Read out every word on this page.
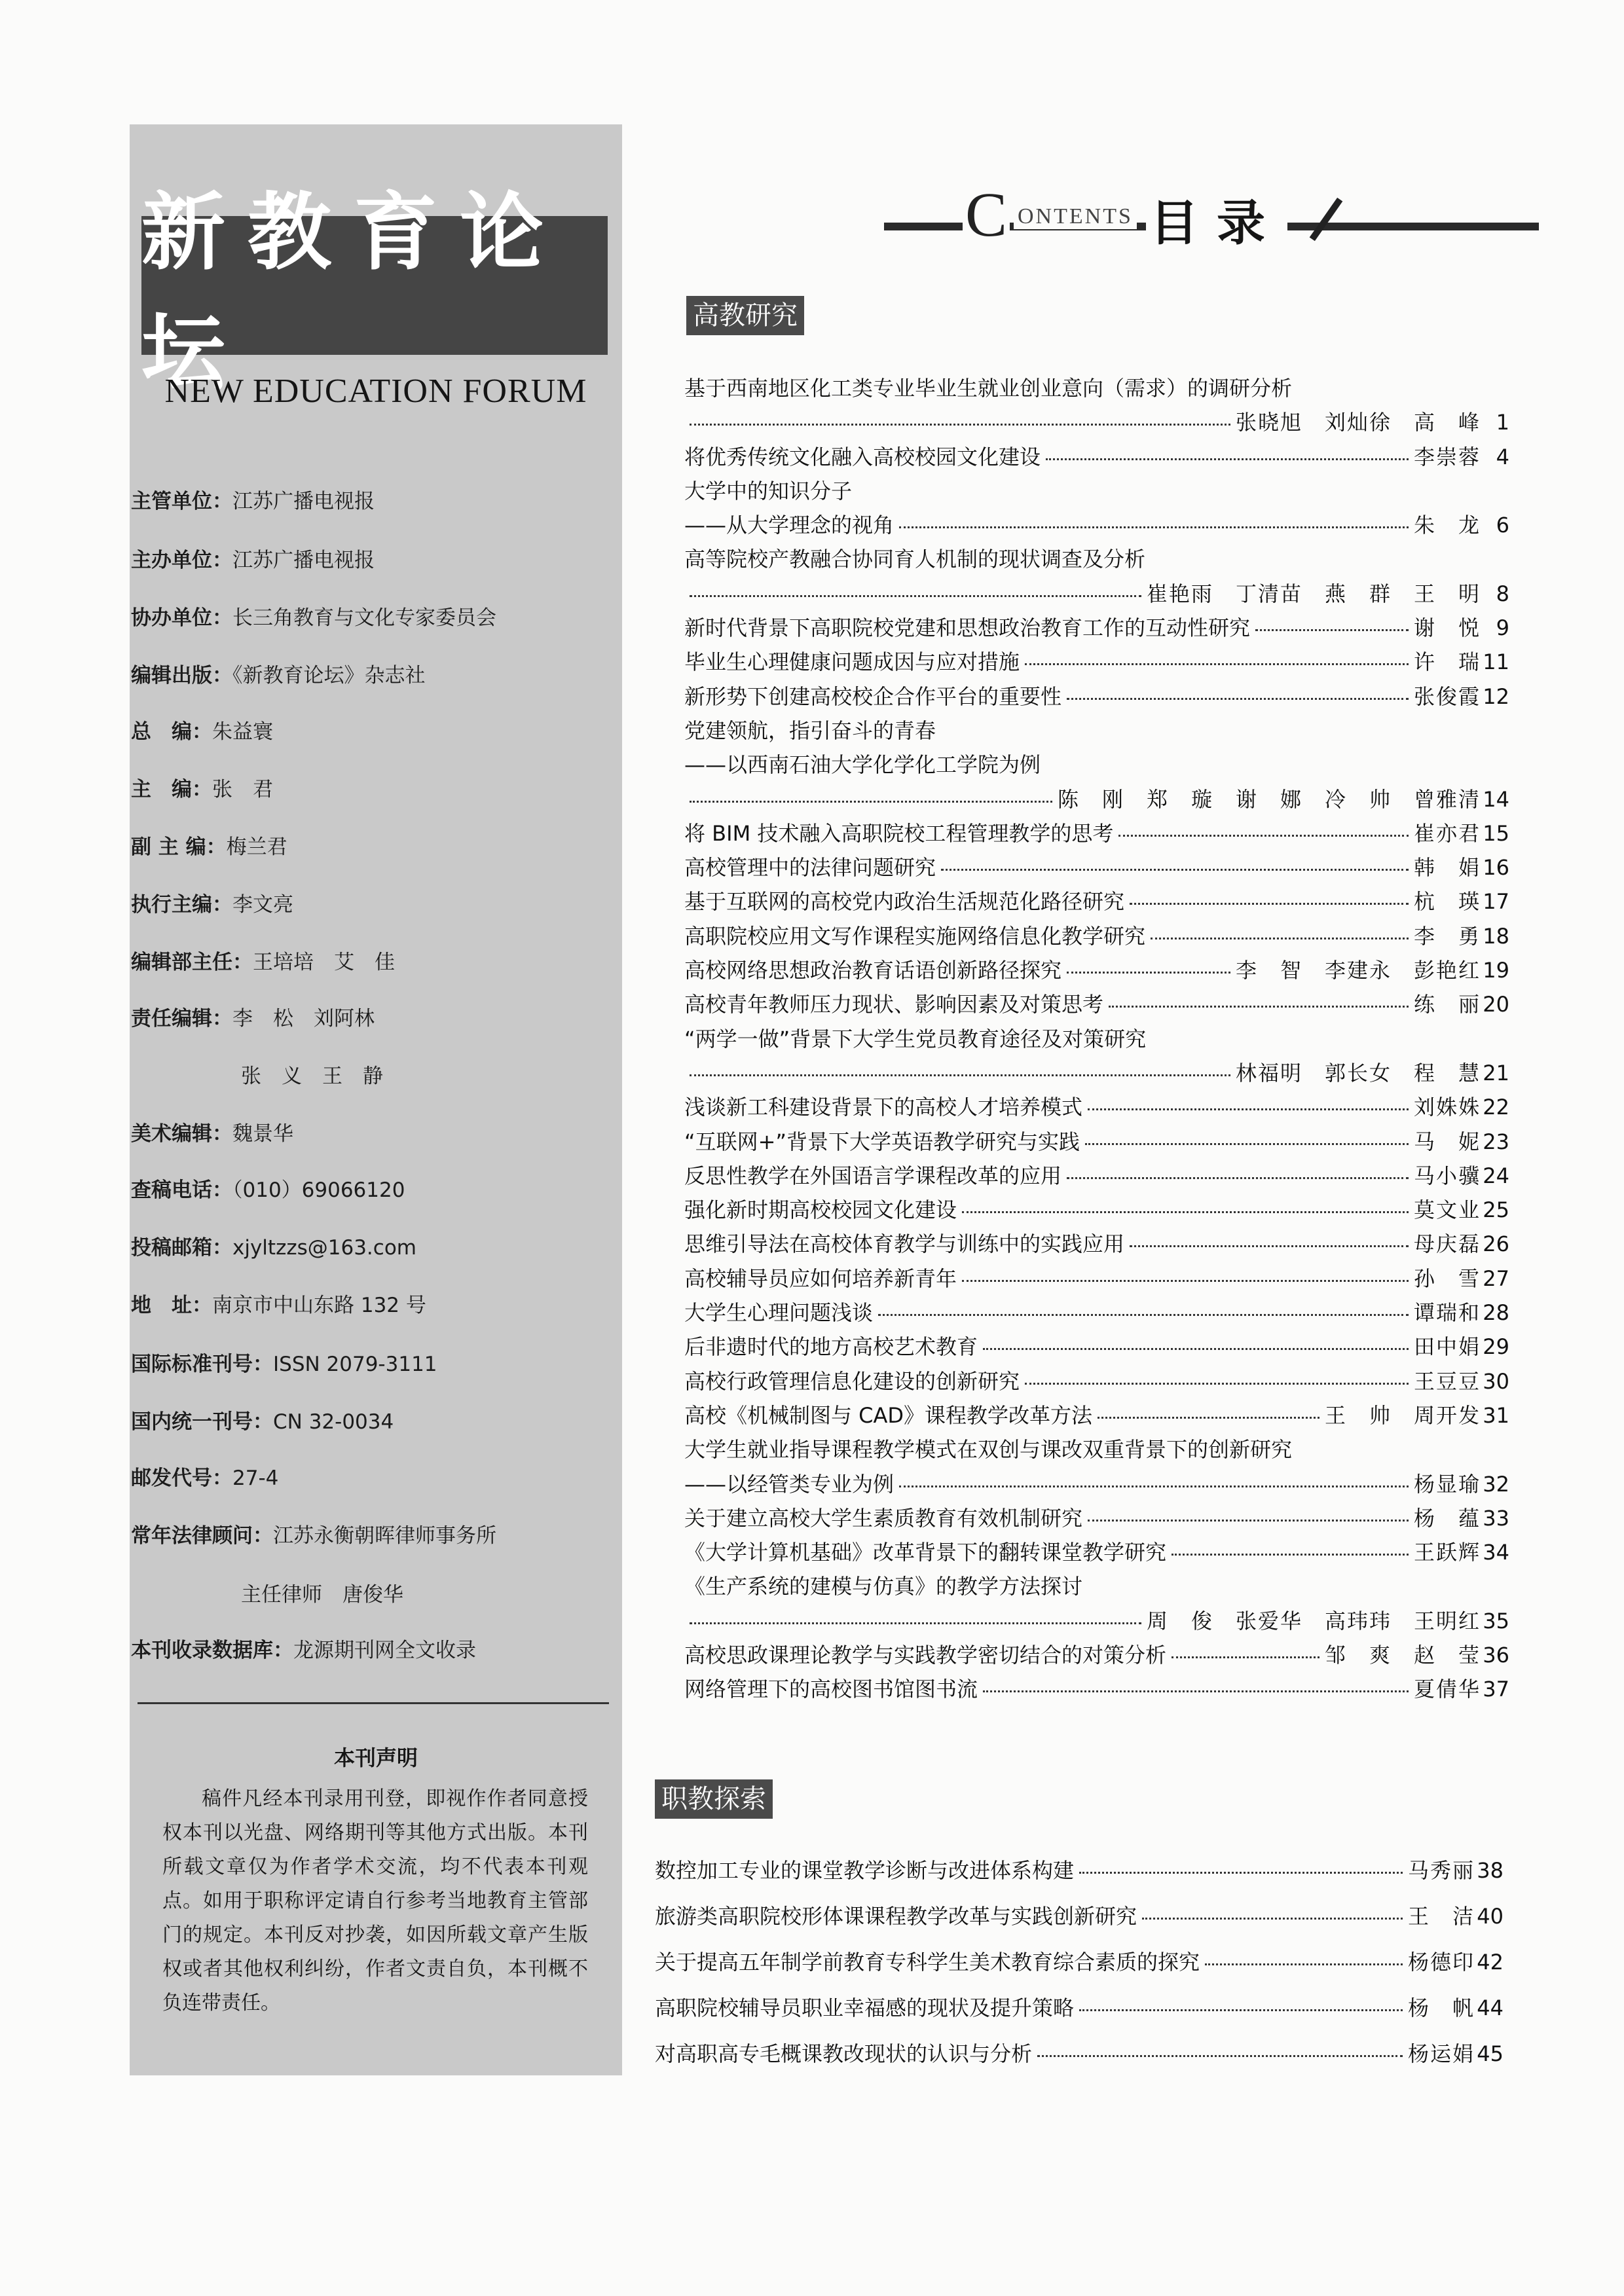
新教育论坛
NEW EDUCATION FORUM
主管单位：江苏广播电视报
主办单位：江苏广播电视报
协办单位：长三角教育与文化专家委员会
编辑出版：《新教育论坛》杂志社
总　编：朱益寰
主　编：张　君
副 主 编：梅兰君
执行主编：李文亮
编辑部主任：王培培　艾　佳
责任编辑：李　松　刘阿林
张　义　王　静
美术编辑：魏景华
查稿电话：（010）69066120
投稿邮箱：xjyltzzs@163.com
地　址：南京市中山东路 132 号
国际标准刊号：ISSN 2079-3111
国内统一刊号：CN 32-0034
邮发代号：27-4
常年法律顾问：江苏永衡朝晖律师事务所
主任律师　唐俊华
本刊收录数据库：龙源期刊网全文收录
本刊声明
稿件凡经本刊录用刊登，即视作作者同意授权本刊以光盘、网络期刊等其他方式出版。本刊所载文章仅为作者学术交流，均不代表本刊观点。如用于职称评定请自行参考当地教育主管部门的规定。本刊反对抄袭，如因所载文章产生版权或者其他权利纠纷，作者文责自负，本刊概不负连带责任。
C ONTENTS 目录
高教研究
基于西南地区化工类专业毕业生就业创业意向（需求）的调研分析
张晓旭　刘灿徐　高　峰 1
将优秀传统文化融入高校校园文化建设	李崇蓉 4
大学中的知识分子
——从大学理念的视角	朱　龙 6
高等院校产教融合协同育人机制的现状调查及分析
崔艳雨　丁清苗　燕　群　王　明 8
新时代背景下高职院校党建和思想政治教育工作的互动性研究	谢　悦 9
毕业生心理健康问题成因与应对措施	许　瑞 11
新形势下创建高校校企合作平台的重要性	张俊霞 12
党建领航，指引奋斗的青春
——以西南石油大学化学化工学院为例
陈　刚　郑　璇　谢　娜　冷　帅　曾雅清 14
将 BIM 技术融入高职院校工程管理教学的思考	崔亦君 15
高校管理中的法律问题研究	韩　娟 16
基于互联网的高校党内政治生活规范化路径研究	杭　瑛 17
高职院校应用文写作课程实施网络信息化教学研究	李　勇 18
高校网络思想政治教育话语创新路径探究	李　智　李建永　彭艳红 19
高校青年教师压力现状、影响因素及对策思考	练　丽 20
“两学一做”背景下大学生党员教育途径及对策研究
林福明　郭长女　程　慧 21
浅谈新工科建设背景下的高校人才培养模式	刘姝姝 22
“互联网+”背景下大学英语教学研究与实践	马　妮 23
反思性教学在外国语言学课程改革的应用	马小骥 24
强化新时期高校校园文化建设	莫文业 25
思维引导法在高校体育教学与训练中的实践应用	母庆磊 26
高校辅导员应如何培养新青年	孙　雪 27
大学生心理问题浅谈	谭瑞和 28
后非遗时代的地方高校艺术教育	田中娟 29
高校行政管理信息化建设的创新研究	王豆豆 30
高校《机械制图与 CAD》课程教学改革方法	王　帅　周开发 31
大学生就业指导课程教学模式在双创与课改双重背景下的创新研究
——以经管类专业为例	杨显瑜 32
关于建立高校大学生素质教育有效机制研究	杨　蕴 33
《大学计算机基础》改革背景下的翻转课堂教学研究	王跃辉 34
《生产系统的建模与仿真》的教学方法探讨
周　俊　张爱华　高玮玮　王明红 35
高校思政课理论教学与实践教学密切结合的对策分析	邹　爽　赵　莹 36
网络管理下的高校图书馆图书流	夏倩华 37
职教探索
数控加工专业的课堂教学诊断与改进体系构建	马秀丽 38
旅游类高职院校形体课课程教学改革与实践创新研究	王　洁 40
关于提高五年制学前教育专科学生美术教育综合素质的探究	杨德印 42
高职院校辅导员职业幸福感的现状及提升策略	杨　帆 44
对高职高专毛概课教改现状的认识与分析	杨运娟 45
